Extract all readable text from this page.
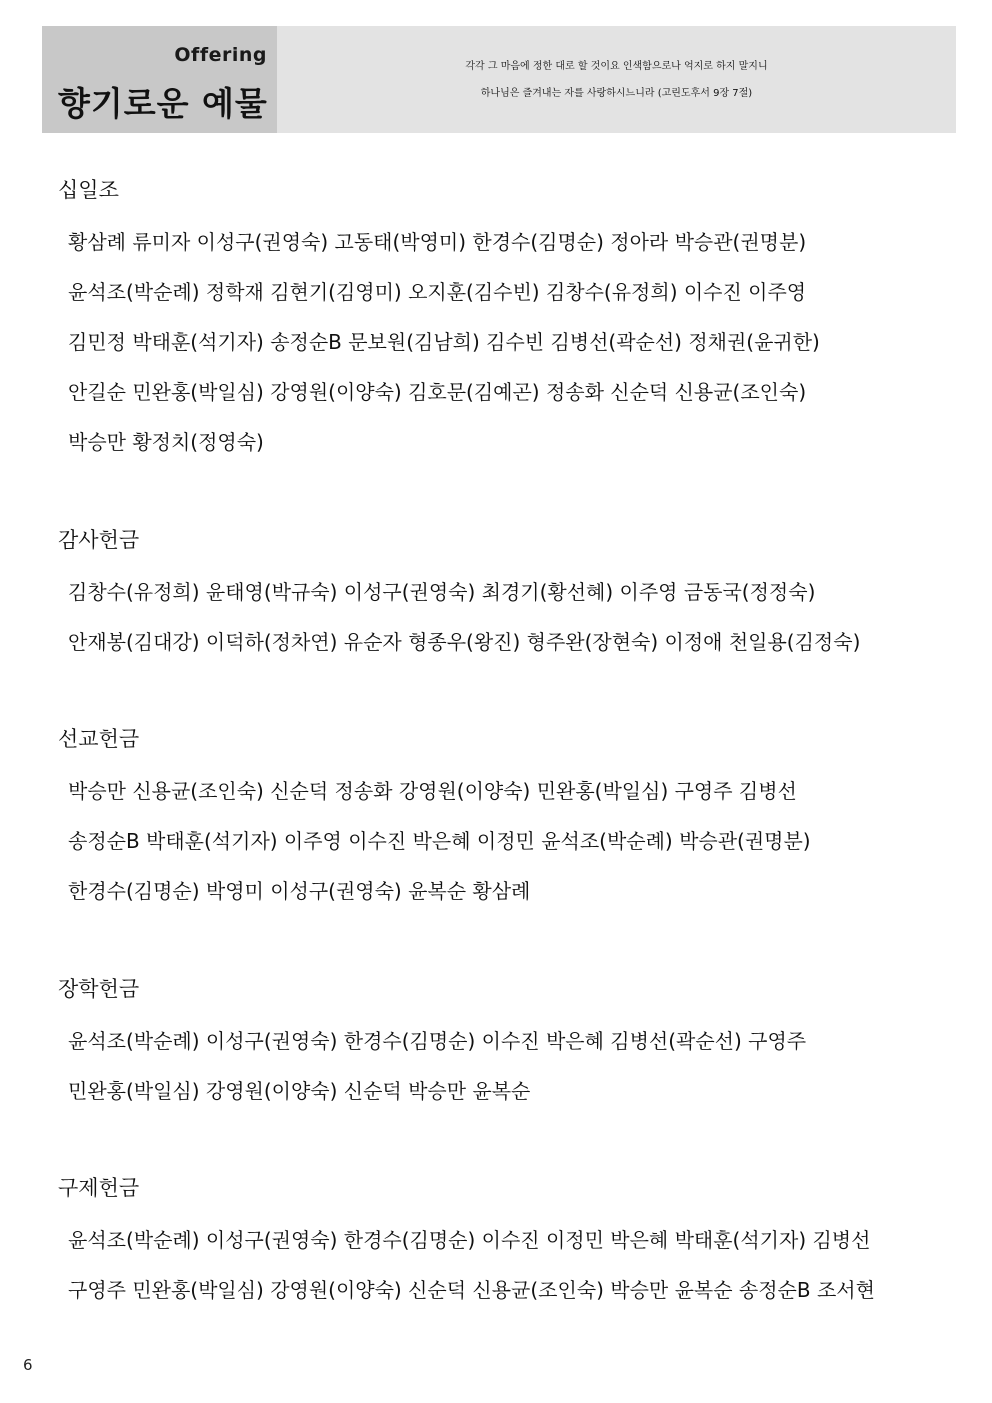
Offering
향기로운 예물
각각 그 마음에 정한 대로 할 것이요 인색함으로나 억지로 하지 말지니
하나님은 즐겨내는 자를 사랑하시느니라 (고린도후서 9장 7절)
십일조
황삼례 류미자 이성구(권영숙) 고동태(박영미) 한경수(김명순) 정아라 박승관(권명분)
윤석조(박순례) 정학재 김현기(김영미) 오지훈(김수빈) 김창수(유정희) 이수진 이주영
김민정 박태훈(석기자) 송정순B 문보원(김남희) 김수빈 김병선(곽순선) 정채권(윤귀한)
안길순 민완홍(박일심) 강영원(이양숙) 김호문(김예곤) 정송화 신순덕 신용균(조인숙)
박승만 황정치(정영숙)
감사헌금
김창수(유정희) 윤태영(박규숙) 이성구(권영숙) 최경기(황선혜) 이주영 금동국(정정숙)
안재봉(김대강) 이덕하(정차연) 유순자 형종우(왕진) 형주완(장현숙) 이정애 천일용(김정숙)
선교헌금
박승만 신용균(조인숙) 신순덕 정송화 강영원(이양숙) 민완홍(박일심) 구영주 김병선
송정순B 박태훈(석기자) 이주영 이수진 박은혜 이정민 윤석조(박순례) 박승관(권명분)
한경수(김명순) 박영미 이성구(권영숙) 윤복순 황삼례
장학헌금
윤석조(박순례) 이성구(권영숙) 한경수(김명순) 이수진 박은혜 김병선(곽순선) 구영주
민완홍(박일심) 강영원(이양숙) 신순덕 박승만 윤복순
구제헌금
윤석조(박순례) 이성구(권영숙) 한경수(김명순) 이수진 이정민 박은혜 박태훈(석기자) 김병선
구영주 민완홍(박일심) 강영원(이양숙) 신순덕 신용균(조인숙) 박승만 윤복순 송정순B 조서현
6
